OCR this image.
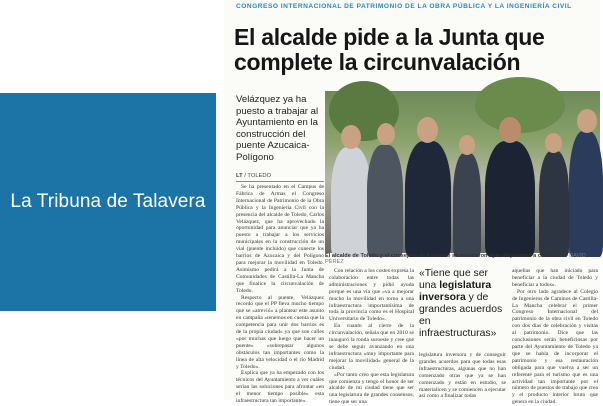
La Tribuna de Talavera
CONGRESO INTERNACIONAL DE PATRIMONIO DE LA OBRA PÚBLICA Y LA INGENIERÍA CIVIL
El alcalde pide a la Junta que complete la circunvalación

Velázquez ya ha puesto a trabajar al Ayuntamiento en la construcción del puente Azucaica-Polígono

El alcalde de Toledo y el consejero de Fomento se mostraron ayer dispuestos a colaborar. DAVID PÉREZ
LT / TOLEDO

Se ha presentado en el Campus de Fábrica de Armas el Congreso Internacional de Patrimonio de la Obra Pública y la Ingeniería Civil con la presencia del alcalde de Toledo, Carlos Velázquez, que ha aprovechado la oportunidad para anunciar que ya ha puesto a trabajar a los servicios municipales en la construcción de un vial (puente incluido) que conecte los barrios de Azucaica y del Polígono para mejorar la movilidad en Toledo. Asimismo pedirá a la Junta de Comunidades de Castilla-La Mancha que finalice la circunvalación de Toledo.

Respecto al puente, Velázquez recordó que el PP lleva mucho tiempo que se «atrevió» a plantear este asunto en campaña «tenemos en cuenta que la competencia para unir dos barrios es de la propia ciudad» ya que son calles «por muchas que luego que hacer un puente» «sobrepasar algunos obstáculos tan importantes como la línea de alta velocidad o el río Madrid y Toledo».

Explica que ya ha empezado con los técnicos del Ayuntamiento a ver cuáles serían las soluciones para afrontar «en el menor tiempo posible» esta infraestructura tan importante».

Con relación a los costes expresa la colaboración entre todas las administraciones y pidió ayuda porque es una vía que «va a mejorar mucho la movilidad en torno a una infraestructura importantísima de toda la provincia como es el Hospital Universitario de Toledo».

En cuanto al cierre de la circunvalación, señala que en 2010 se inauguró la ronda suroeste y cree que se debe seguir avanzando en una infraestructura «muy importante para mejorar la movilidad» general de la ciudad.

«Por tanto creo que esta legislatura que comienza y tengo el honor de ser alcalde de mi ciudad tiene que ser una legislatura de grandes consensos, tiene que ser una

«Tiene que ser una legislatura inversora y de grandes acuerdos en infraestructuras»

legislatura inversora y de conseguir grandes acuerdos para que todas esas infraestructuras, algunas que no han comenzado otras que ya se han comenzado y están en estudio, se materialicen y se comiencen a ejecutar así como a finalizar todas

aquellas que han iniciado para beneficiar a la ciudad de Toledo y beneficiar a todos».

Por otro lado agradece al Colegio de Ingenieros de Caminos de Castilla-La Mancha celebrar el primer Congreso Internacional del patrimonio de la obra civil en Toledo con dos días de celebración y visitas al patrimonio. Dice que las conclusiones serán beneficiosas por parte del Ayuntamiento de Toledo ya que se habla de incorporar el patrimonio y esa restauración obligada para que vuelva a ser un referente para el turismo que es una actividad tan importante por el número de puestos de trabajo que crea y el producto interior bruto que genera en la ciudad.
